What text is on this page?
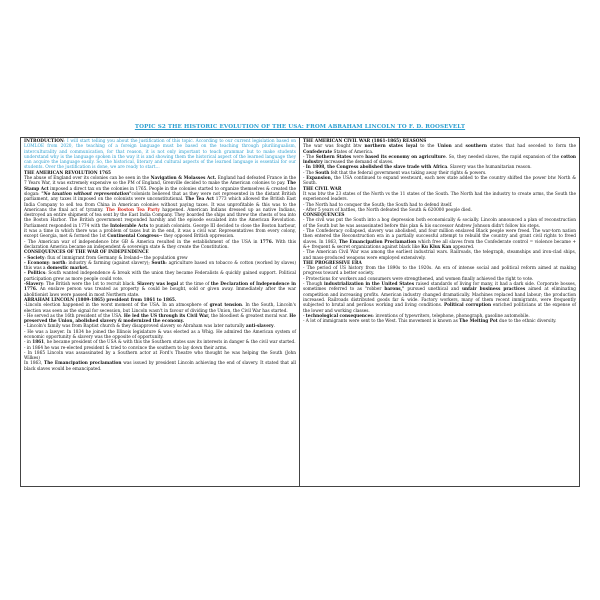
TOPIC S2 THE HISTORIC EVOLUTION OF THE USA: FROM ABRAHAM LINCOLN TO F. D. ROOSEVELT

INTRODUCTION: I will start telling you about the justification of this topic. According to our current legislation based on LOMLOE from 2020, the teaching of a foreign language must be based on the teaching through plurilingualism, interculturality and communication, for that reason, it is not only important to teach grammar but to make students understand why is the language spoken in the way it is and showing them the historical aspect of the learned language they can acquire the language easily. So, the historical, literary and cultural aspects of the learned language is essential for our students. Over the justification is done, we are ready to start…

THE AMERICAN REVOLUTION 1765

The abuse of England over its colonies can be seen in the Navigation & Molasses Act. England had defeated France in the 7 Years War, it was extremely expensive so the PM of England, Grenville decided to make the American colonies to pay. The Stamp Act imposed a direct tax on the colonies in 1765. People in the colonies started to organize themselves & created the slogan: "No taxation without representation"colonists believed that as they were not represented in the distant British parliament, any taxes it imposed on the colonists were unconstitutional. The Tea Act 1773 which allowed the British East India Company to sell tea from China in American colonies without paying taxes. It was unprofitable & this was to the Americans the final act of tyranny. The Boston Tea Party happened. American Indians dressed up as native Indians, destroyed an entire shipment of tea sent by the East India Company. They boarded the ships and threw the chests of tea into the Boston Harbor. The British government responded harshly and the episode escalated into the American Revolution. Parliament responded in 1774 with the Intolerable Acts to punish colonists. George III decided to close the Boston harbour, it was a time in which there was a problem of taxes but in the end, it was a civil war. Representatives from every colony, except Georgia, met & formed the 1st Continental Congress→ they opposed British oppression.

- The American war of independence btw GB & America resulted in the establishment of the USA in 1776. With this declaration America became an independent & sovereign state & they create the Constitution.

CONSEQUENCES OF THE WAR OF INDEPENDENCE

- Society: flux of immigrant from Germany & Ireland→ the population grew

- Economy: north: industry & farming (against slavery); South: agriculture based on tobacco & cotton (worked by slaves) this was a domestic market.

- Politics: South wanted independence & break with the union they became Federalists & quickly gained support. Political participation grew as more people could vote.

-Slavery: The British were the 1st to recruit black. Slavery was legal at the time of the Declaration of Independence in 1776. An enslave person was treated as property & could be bought, sold or given away. Immediately after the war abolitionist laws were passed in most Northern state.

ABRAHAM LINCOLN (1809-1865) president from 1861 to 1865.

-Lincoln election happened in the worst moment of the USA. In an atmosphere of great tension. In the South, Lincoln's election was seen as the signal for secession, but Lincoln wasn't in favour of dividing the Union, the Civil War has started.

- He served as the 16th president of the USA. He led the US through its Civil War, the bloodiest & greatest moral war. He preserved the Union, abolished slavery & modernized the economy.

- Lincoln's family was from Baptist church & they disapproved slavery so Abraham was later naturally anti-slavery.

- He was a lawyer. In 1834 he joined the Illinois legislature & was elected as a Whig. He admired the American system of economic opportunity & slavery was the opposite of opportunity.

- in 1861, he became president of the USA & with this the Southern states saw its interests in danger & the civil war started.

- in 1864 he was re-elected president & tried to convince the southern to lay down their arms.

- In 1865 Lincoln was assassinated by a Southern actor at Ford's Theatre who thought he was helping the South (John Wilkes)

In 1863, The Emancipation proclamation was issued by president Lincoln achieving the end of slavery. It stated that all black slaves would be emancipated.

THE AMERICAN CIVIL WAR (1861-1865) REASONS

The war was fought btw northern states loyal to the Union and southern states that had seceded to form the Confederate States of America.

- The Sothern States were based its economy on agriculture. So, they needed slaves, the rapid expansion of the cotton industry increased the demand of slaves.

- In 1808, the Congress abolished the slave trade with Africa. Slavery was the humanitarian reason.

- The South felt that the federal government was taking away their rights & powers.

- Expansion, the USA continued to expand westward, each new state added to the country shifted the power btw North & South.

THE CIVIL WAR

It was btw the 23 states of the North vs the 11 states of the South. The North had the industry to create arms, the South the experienced leaders.

- The North had to conquer the South; the South had to defend itself.

- After 5 years of battles, the North defeated the South & 620000 people died.

CONSEQUENCES

- The civil was put the South into a bog depression both economically & socially. Lincoln announced a plan of reconstruction of the South but he was assassinated before this plan & his successor Andrew Johnson didn't follow his steps.

- The Confederacy collapsed, slavery was abolished, and four million enslaved Black people were freed. The war-torn nation then entered the Reconstruction era in a partially successful attempt to rebuild the country and grant civil rights to freed slaves. In 1863, The Emancipation Proclamation which free all slaves from the Confederate control = violence became + &+ frequent & secret organizations against black like Ku Klux Kan appeared.

- The American Civil War was among the earliest industrial wars. Railroads, the telegraph, steamships and iron-clad ships, and mass-produced weapons were employed extensively.

THE PROGRESSIVE ERA

- The period of US history from the 1890s to the 1920s. An era of intense social and political reform aimed at making progress toward a better society.

- Protections for workers and consumers were strengthened, and women finally achieved the right to vote.

- Though industrialization in the United States raised standards of living for many, it had a dark side. Corporate bosses, sometimes referred to as "robber barons," pursued unethical and unfair business practices aimed at eliminating competition and increasing profits. American industry changed dramatically. Machines replaced hand labour; the production increased. Railroads distributed goods far & wide. Factory workers, many of them recent immigrants, were frequently subjected to brutal and perilous working and living conditions. Political corruption enriched politicians at the expense of the lower and working classes.

- technological consequences: inventions of typewriters, telephone, phonograph, gasoline automobile.

- A lot of immigrants were sent to the West. This movement is known as The Melting Pot due to the ethnic diversity.
